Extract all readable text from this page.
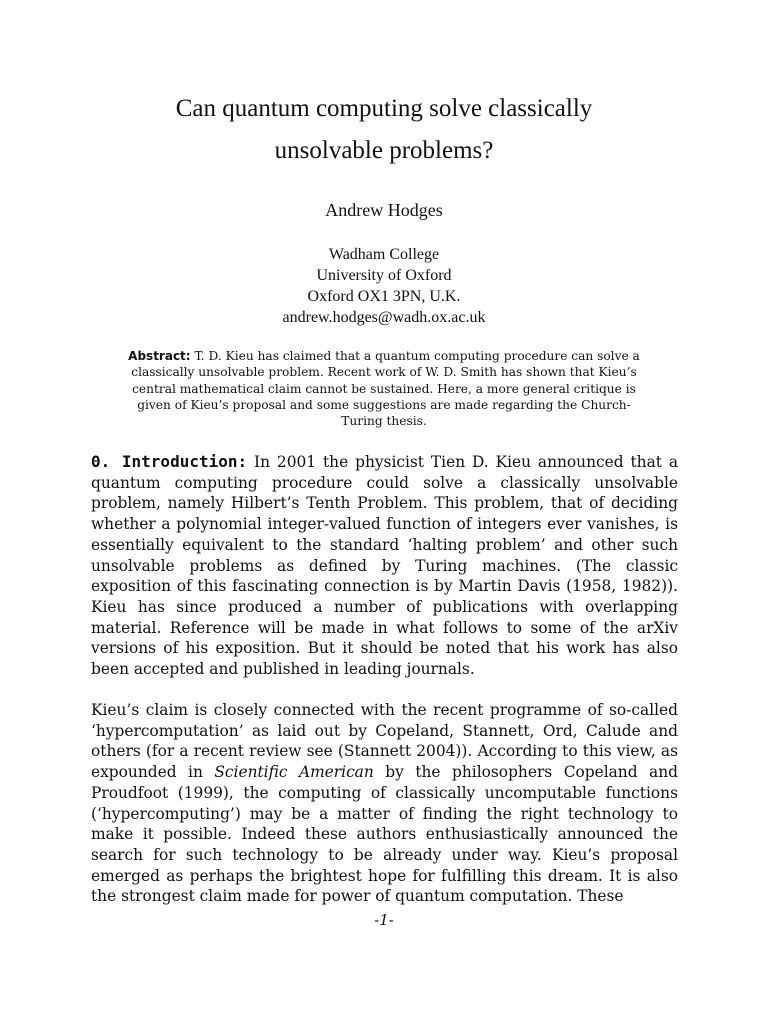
Can quantum computing solve classically
unsolvable problems?
Andrew Hodges
Wadham College
University of Oxford
Oxford OX1 3PN, U.K.
andrew.hodges@wadh.ox.ac.uk
Abstract: T. D. Kieu has claimed that a quantum computing procedure can solve a classically unsolvable problem. Recent work of W. D. Smith has shown that Kieu’s central mathematical claim cannot be sustained. Here, a more general critique is given of Kieu’s proposal and some suggestions are made regarding the Church-Turing thesis.
0. Introduction: In 2001 the physicist Tien D. Kieu announced that a quantum computing procedure could solve a classically unsolvable problem, namely Hilbert’s Tenth Problem. This problem, that of deciding whether a polynomial integer-valued function of integers ever vanishes, is essentially equivalent to the standard ‘halting problem’ and other such unsolvable problems as defined by Turing machines. (The classic exposition of this fascinating connection is by Martin Davis (1958, 1982)). Kieu has since produced a number of publications with overlapping material. Reference will be made in what follows to some of the arXiv versions of his exposition. But it should be noted that his work has also been accepted and published in leading journals.
Kieu’s claim is closely connected with the recent programme of so-called ‘hypercomputation’ as laid out by Copeland, Stannett, Ord, Calude and others (for a recent review see (Stannett 2004)). According to this view, as expounded in Scientific American by the philosophers Copeland and Proudfoot (1999), the computing of classically uncomputable functions (‘hypercomputing’) may be a matter of finding the right technology to make it possible. Indeed these authors enthusiastically announced the search for such technology to be already under way. Kieu’s proposal emerged as perhaps the brightest hope for fulfilling this dream. It is also the strongest claim made for power of quantum computation. These
-1-
